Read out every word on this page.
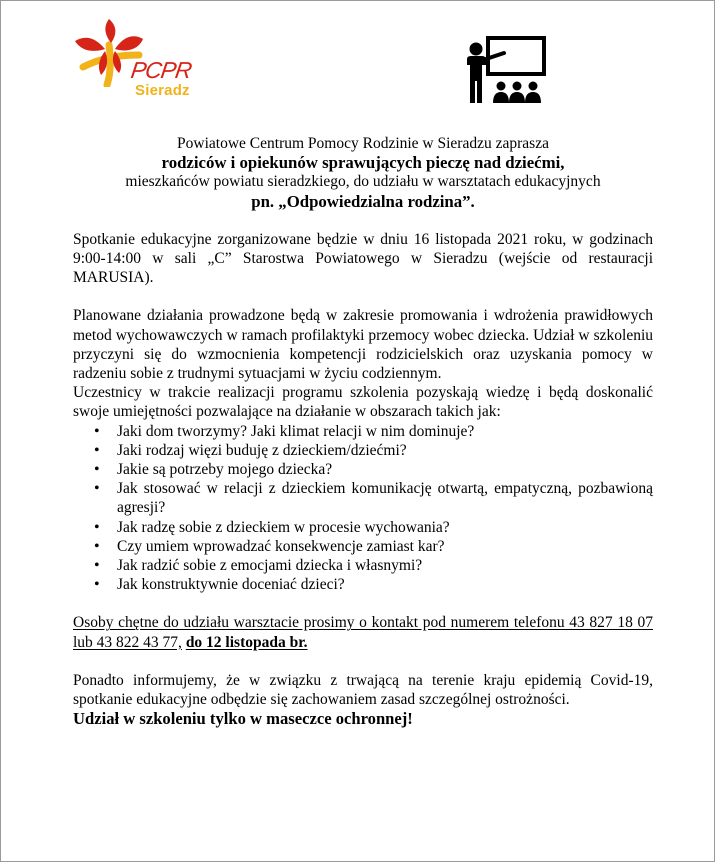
PCPR
Sieradz
Powiatowe Centrum Pomocy Rodzinie w Sieradzu zaprasza
rodziców i opiekunów sprawujących pieczę nad dziećmi,
mieszkańców powiatu sieradzkiego, do udziału w warsztatach edukacyjnych
pn. „Odpowiedzialna rodzina”.
Spotkanie edukacyjne zorganizowane będzie w dniu 16 listopada 2021 roku, w godzinach 9:00-14:00 w sali „C” Starostwa Powiatowego w Sieradzu (wejście od restauracji MARUSIA).
Planowane działania prowadzone będą w zakresie promowania i wdrożenia prawidłowych metod wychowawczych w ramach profilaktyki przemocy wobec dziecka. Udział w szkoleniu przyczyni się do wzmocnienia kompetencji rodzicielskich oraz uzyskania pomocy w radzeniu sobie z trudnymi sytuacjami w życiu codziennym.
Uczestnicy w trakcie realizacji programu szkolenia pozyskają wiedzę i będą doskonalić swoje umiejętności pozwalające na działanie w obszarach takich jak:
• Jaki dom tworzymy? Jaki klimat relacji w nim dominuje?
• Jaki rodzaj więzi buduję z dzieckiem/dziećmi?
• Jakie są potrzeby mojego dziecka?
• Jak stosować w relacji z dzieckiem komunikację otwartą, empatyczną, pozbawioną agresji?
• Jak radzę sobie z dzieckiem w procesie wychowania?
• Czy umiem wprowadzać konsekwencje zamiast kar?
• Jak radzić sobie z emocjami dziecka i własnymi?
• Jak konstruktywnie doceniać dzieci?
Osoby chętne do udziału warsztacie prosimy o kontakt pod numerem telefonu 43 827 18 07 lub 43 822 43 77, do 12 listopada br.
Ponadto informujemy, że w związku z trwającą na terenie kraju epidemią Covid-19, spotkanie edukacyjne odbędzie się zachowaniem zasad szczególnej ostrożności.
Udział w szkoleniu tylko w maseczce ochronnej!
